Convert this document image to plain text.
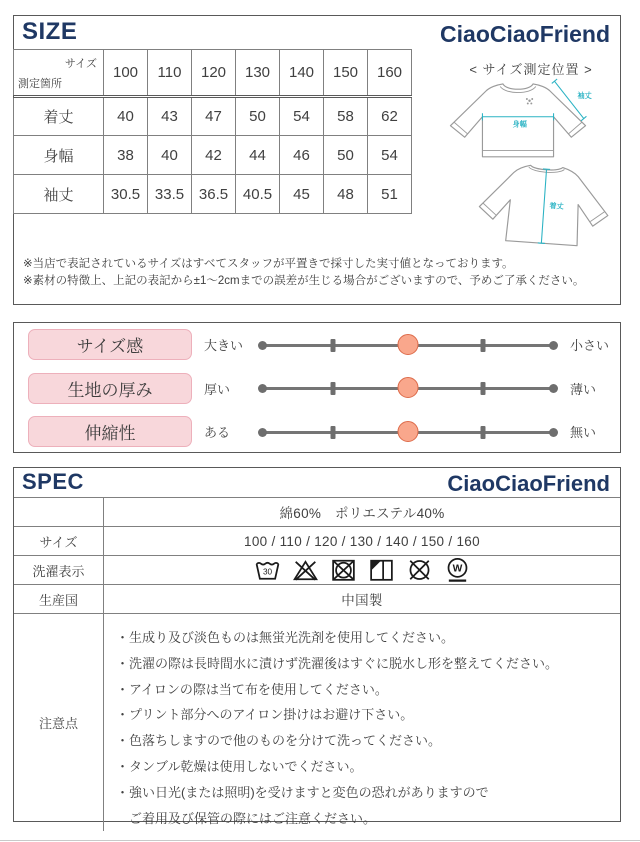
SIZE	CiaoCiaoFriend
サイズ
測定箇所	100	110	120	130	140	150	160
着丈	40	43	47	50	54	58	62
身幅	38	40	42	44	46	50	54
袖丈	30.5	33.5	36.5	40.5	45	48	51
< サイズ測定位置 >
身幅
袖丈
着丈
※当店で表記されているサイズはすべてスタッフが平置きで採寸した実寸値となっております。
※素材の特徴上、上記の表記から±1〜2cmまでの誤差が生じる場合がございますので、予めご了承ください。
サイズ感	大きい	小さい
生地の厚み	厚い	薄い
伸縮性	ある	無い
SPEC	CiaoCiaoFriend
綿60%　ポリエステル40%
サイズ	100 / 110 / 120 / 130 / 140 / 150 / 160
洗濯表示	30	W
生産国	中国製
注意点
・生成り及び淡色ものは無蛍光洗剤を使用してください。
・洗濯の際は長時間水に漬けず洗濯後はすぐに脱水し形を整えてください。
・アイロンの際は当て布を使用してください。
・プリント部分へのアイロン掛けはお避け下さい。
・色落ちしますので他のものを分けて洗ってください。
・タンブル乾燥は使用しないでください。
・強い日光(または照明)を受けますと変色の恐れがありますので
　ご着用及び保管の際にはご注意ください。
